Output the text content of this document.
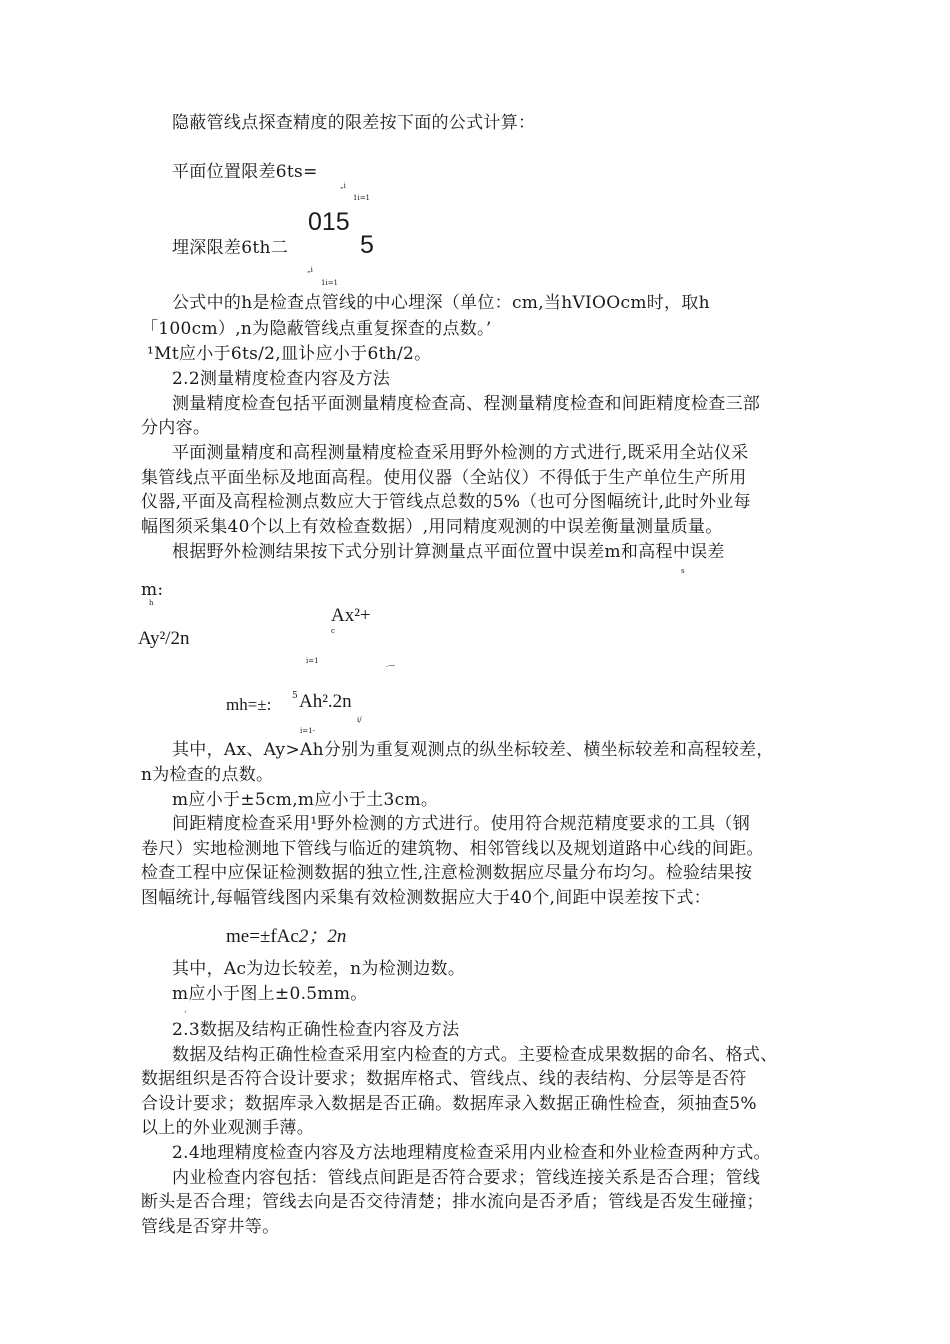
隐蔽管线点探查精度的限差按下面的公式计算：
平面位置限差6ts=
„i
1i=1
015
埋深限差6th二	5
„i
1i=1
公式中的h是检查点管线的中心埋深（单位：cm,当hVIOOcm时，取h
「100cm）,n为隐蔽管线点重复探查的点数。’
¹Mt应小于6ts/2,皿讣应小于6th/2。
2.2测量精度检查内容及方法
测量精度检查包括平面测量精度检查高、程测量精度检查和间距精度检查三部
分内容。
平面测量精度和高程测量精度检查采用野外检测的方式进行,既采用全站仪采
集管线点平面坐标及地面高程。使用仪器（全站仪）不得低于生产单位生产所用
仪器,平面及高程检测点数应大于管线点总数的5%（也可分图幅统计,此时外业每
幅图须采集40个以上有效检查数据）,用同精度观测的中误差衡量测量质量。
根据野外检测结果按下式分别计算测量点平面位置中误差m和高程中误差
s
m:
h
Ax²+
c
Ay²/2n
i=1	.—
mh=±: 5 Ah².2n
i/
i=1-
其中，Ax、Ay>Ah分别为重复观测点的纵坐标较差、横坐标较差和高程较差，
n为检查的点数。
m应小于±5cm,m应小于土3cm。
间距精度检查采用¹野外检测的方式进行。使用符合规范精度要求的工具（钢
卷尺）实地检测地下管线与临近的建筑物、相邻管线以及规划道路中心线的间距。
检查工程中应保证检测数据的独立性,注意检测数据应尽量分布均匀。检验结果按
图幅统计,每幅管线图内采集有效检测数据应大于40个,间距中误差按下式：
me=±fAc2；2n
其中，Ac为边长较差，n为检测边数。
m应小于图上±0.5mm。
‘
2.3数据及结构正确性检查内容及方法
数据及结构正确性检查采用室内检查的方式。主要检查成果数据的命名、格式、
数据组织是否符合设计要求；数据库格式、管线点、线的表结构、分层等是否符
合设计要求；数据库录入数据是否正确。数据库录入数据正确性检查，须抽查5%
以上的外业观测手薄。
2.4地理精度检查内容及方法地理精度检查采用内业检查和外业检查两种方式。
内业检查内容包括：管线点间距是否符合要求；管线连接关系是否合理；管线
断头是否合理；管线去向是否交待清楚；排水流向是否矛盾；管线是否发生碰撞；
管线是否穿井等。
